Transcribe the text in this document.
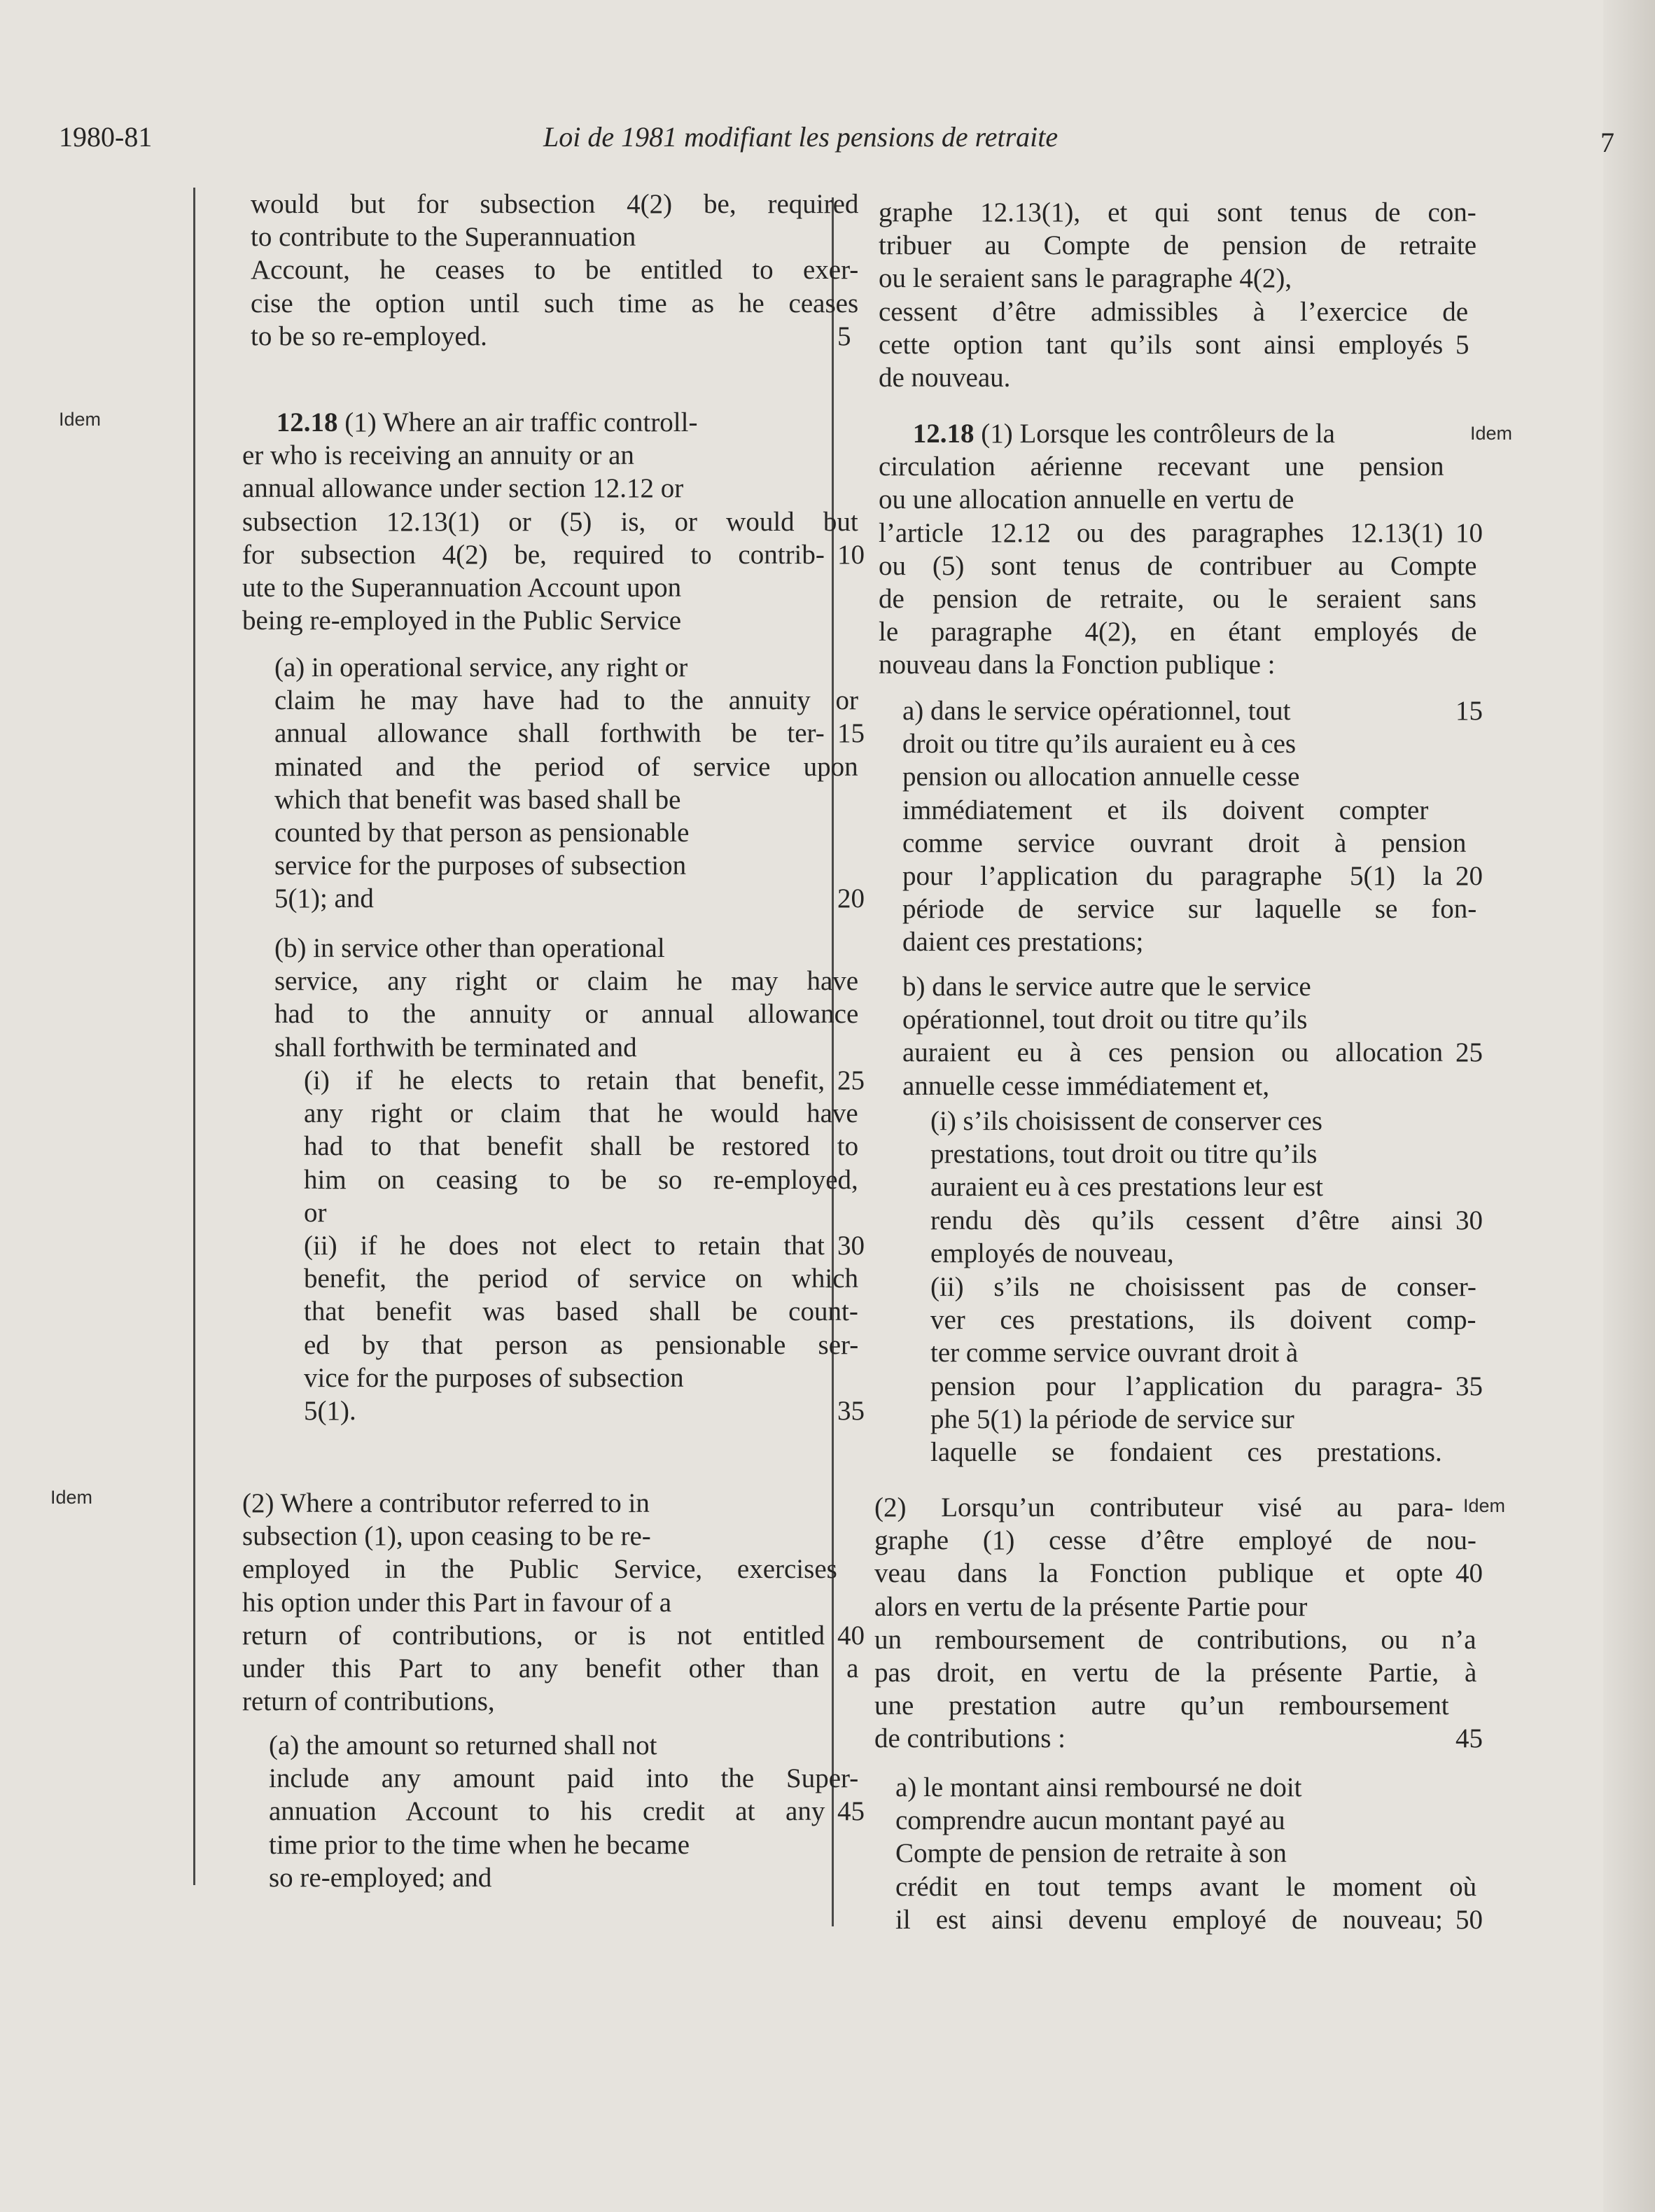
1980-81	Loi de 1981 modifiant les pensions de retraite	7
Idem
Idem
Idem
Idem
would but for subsection 4(2) be, required
to contribute to the Superannuation
Account, he ceases to be entitled to exer-
cise the option until such time as he ceases
to be so re-employed.	5
12.18 (1) Where an air traffic controll-
er who is receiving an annuity or an
annual allowance under section 12.12 or
subsection 12.13(1) or (5) is, or would but
for subsection 4(2) be, required to contrib- 10
ute to the Superannuation Account upon
being re-employed in the Public Service
(a) in operational service, any right or
claim he may have had to the annuity or
annual allowance shall forthwith be ter- 15
minated and the period of service upon
which that benefit was based shall be
counted by that person as pensionable
service for the purposes of subsection
5(1); and	20
(b) in service other than operational
service, any right or claim he may have
had to the annuity or annual allowance
shall forthwith be terminated and
(i) if he elects to retain that benefit, 25
any right or claim that he would have
had to that benefit shall be restored to
him on ceasing to be so re-employed,
or
(ii) if he does not elect to retain that 30
benefit, the period of service on which
that benefit was based shall be count-
ed by that person as pensionable ser-
vice for the purposes of subsection
5(1).	35
(2) Where a contributor referred to in
subsection (1), upon ceasing to be re-
employed in the Public Service, exercises
his option under this Part in favour of a
return of contributions, or is not entitled 40
under this Part to any benefit other than a
return of contributions,
(a) the amount so returned shall not
include any amount paid into the Super-
annuation Account to his credit at any 45
time prior to the time when he became
so re-employed; and
graphe 12.13(1), et qui sont tenus de con-
tribuer au Compte de pension de retraite
ou le seraient sans le paragraphe 4(2),
cessent d’être admissibles à l’exercice de
cette option tant qu’ils sont ainsi employés 5
de nouveau.
12.18 (1) Lorsque les contrôleurs de la
circulation aérienne recevant une pension
ou une allocation annuelle en vertu de
l’article 12.12 ou des paragraphes 12.13(1) 10
ou (5) sont tenus de contribuer au Compte
de pension de retraite, ou le seraient sans
le paragraphe 4(2), en étant employés de
nouveau dans la Fonction publique :
a) dans le service opérationnel, tout	15
droit ou titre qu’ils auraient eu à ces
pension ou allocation annuelle cesse
immédiatement et ils doivent compter
comme service ouvrant droit à pension
pour l’application du paragraphe 5(1) la 20
période de service sur laquelle se fon-
daient ces prestations;
b) dans le service autre que le service
opérationnel, tout droit ou titre qu’ils
auraient eu à ces pension ou allocation 25
annuelle cesse immédiatement et,
(i) s’ils choisissent de conserver ces
prestations, tout droit ou titre qu’ils
auraient eu à ces prestations leur est
rendu dès qu’ils cessent d’être ainsi 30
employés de nouveau,
(ii) s’ils ne choisissent pas de conser-
ver ces prestations, ils doivent comp-
ter comme service ouvrant droit à
pension pour l’application du paragra- 35
phe 5(1) la période de service sur
laquelle se fondaient ces prestations.
(2) Lorsqu’un contributeur visé au para-
graphe (1) cesse d’être employé de nou-
veau dans la Fonction publique et opte 40
alors en vertu de la présente Partie pour
un remboursement de contributions, ou n’a
pas droit, en vertu de la présente Partie, à
une prestation autre qu’un remboursement
de contributions :	45
a) le montant ainsi remboursé ne doit
comprendre aucun montant payé au
Compte de pension de retraite à son
crédit en tout temps avant le moment où
il est ainsi devenu employé de nouveau; 50
